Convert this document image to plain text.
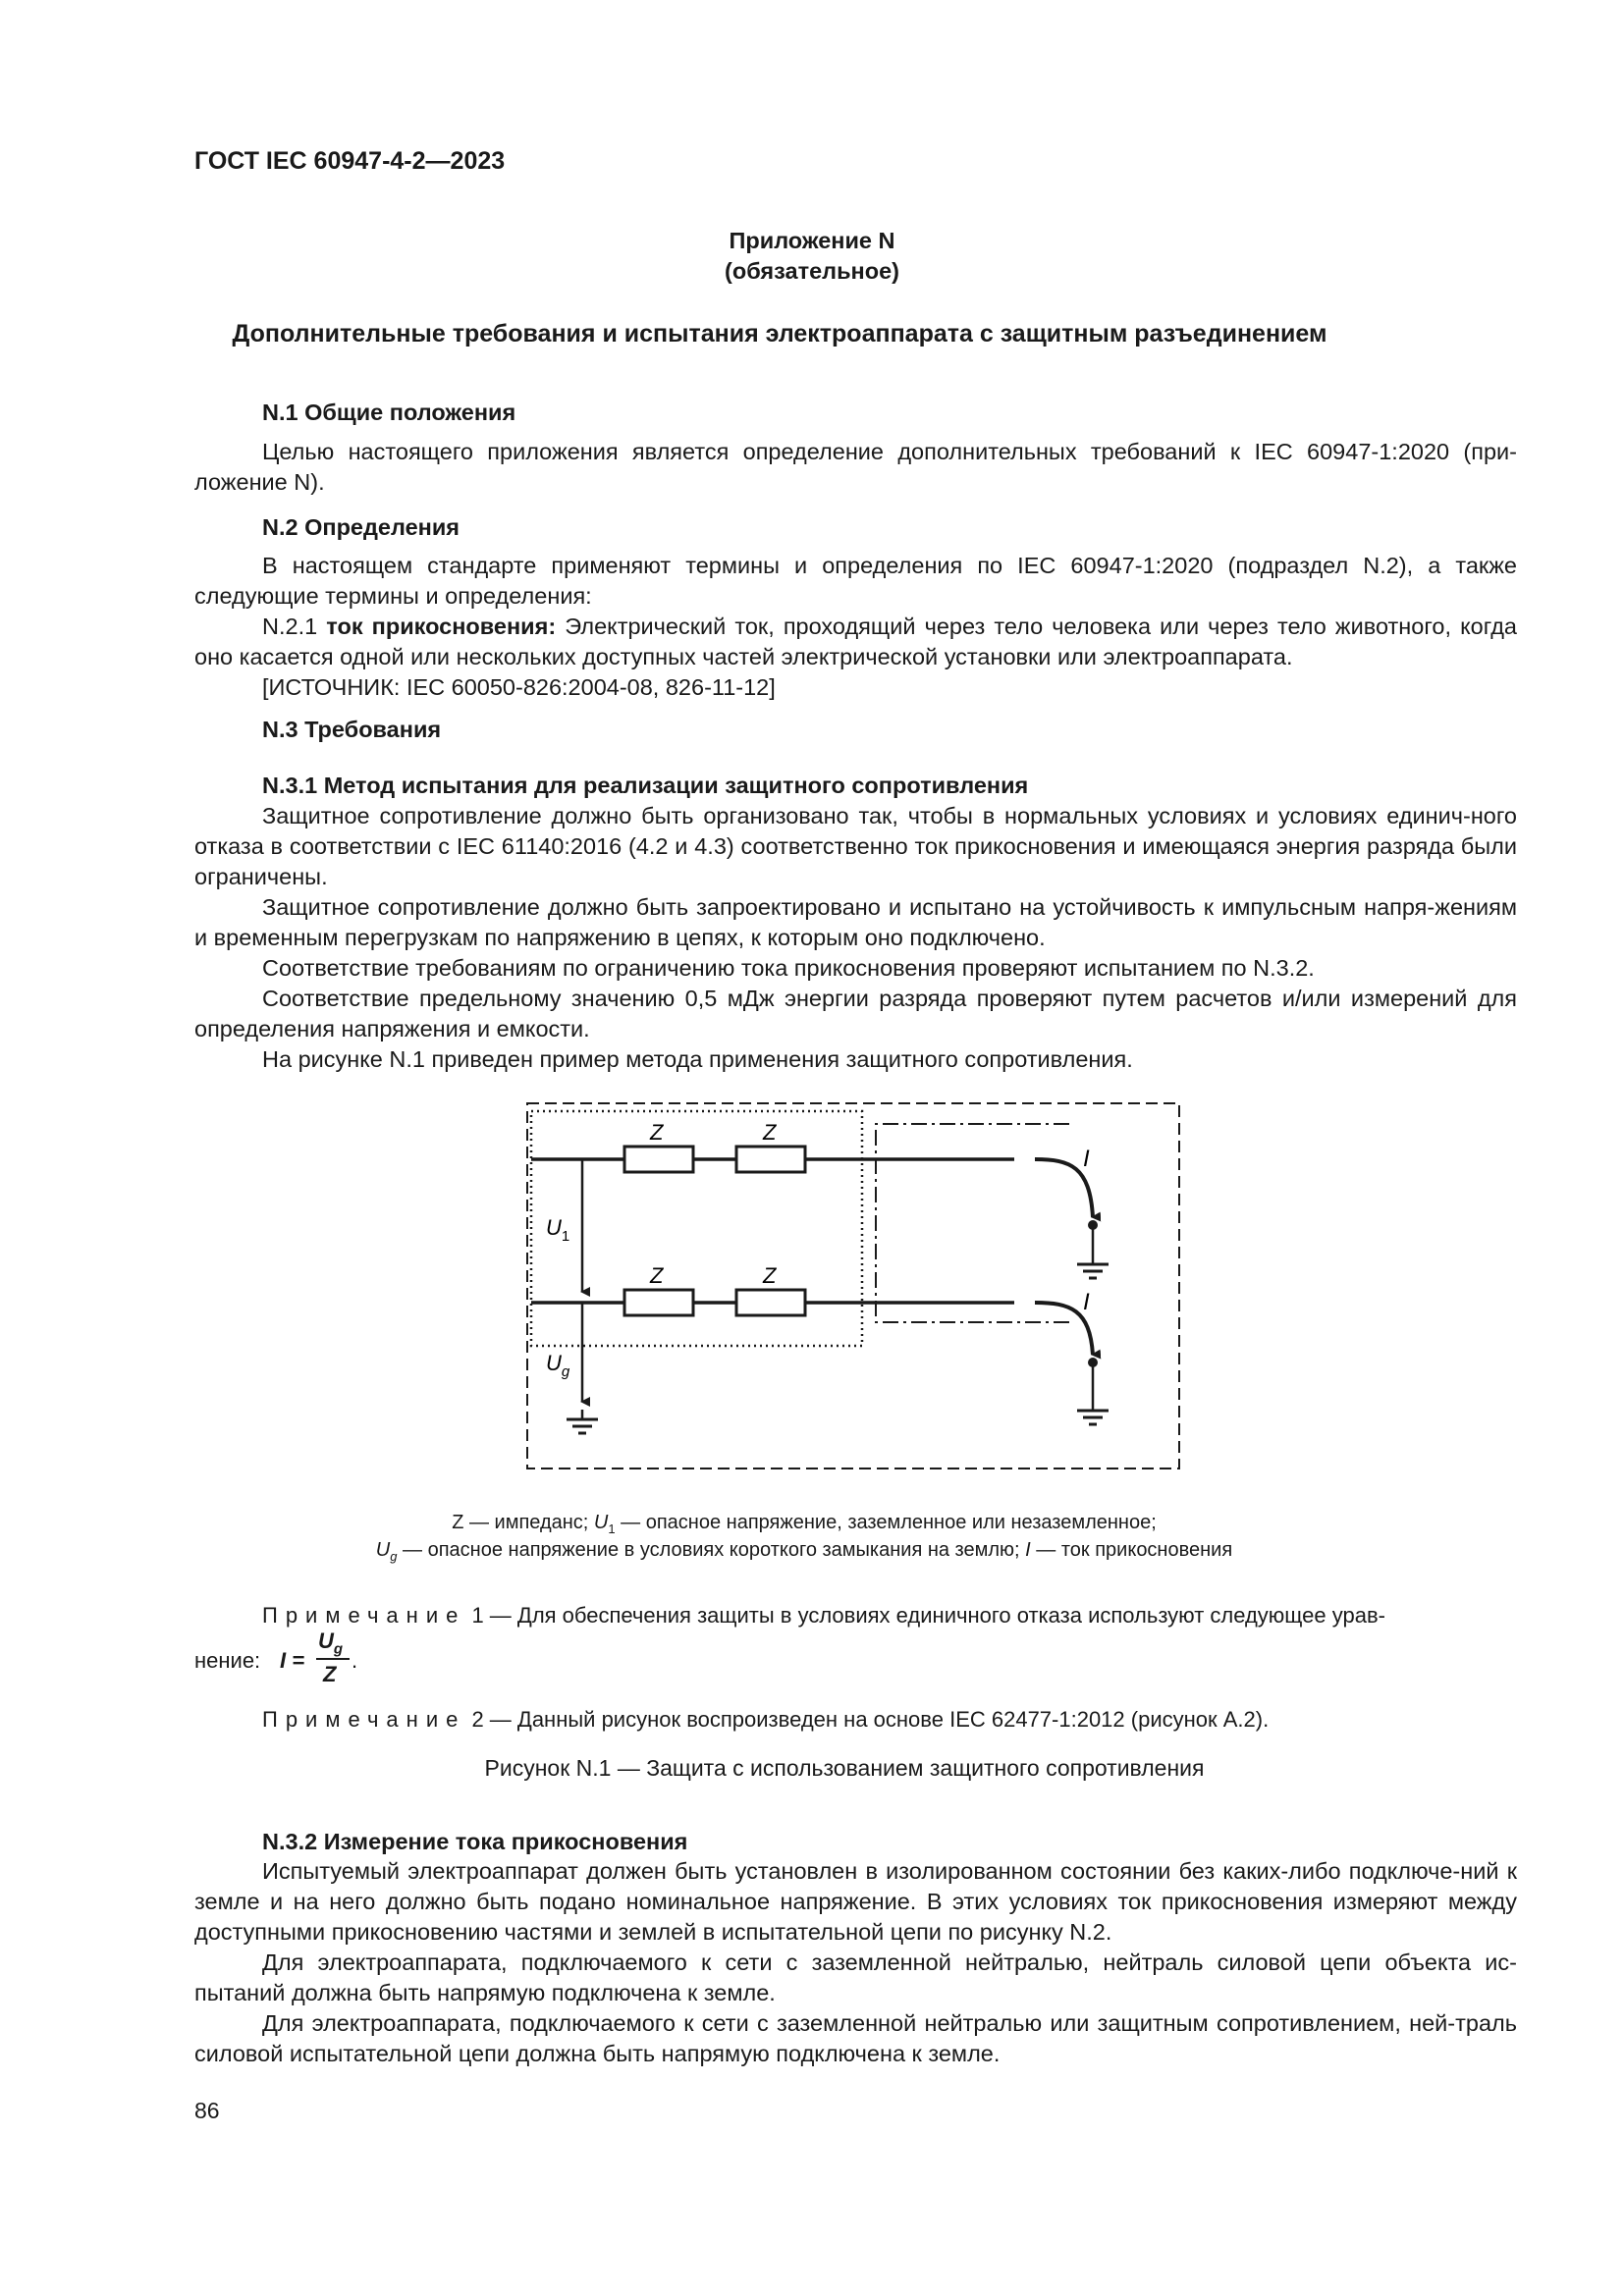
ГОСТ IEC 60947-4-2—2023
Приложение N
(обязательное)
Дополнительные требования и испытания электроаппарата с защитным разъединением
N.1 Общие положения
Целью настоящего приложения является определение дополнительных требований к IEC 60947-1:2020 (при-ложение N).
N.2 Определения
В настоящем стандарте применяют термины и определения по IEC 60947-1:2020 (подраздел N.2), а также следующие термины и определения:
N.2.1 ток прикосновения: Электрический ток, проходящий через тело человека или через тело животного, когда оно касается одной или нескольких доступных частей электрической установки или электроаппарата.
[ИСТОЧНИК: IEC 60050-826:2004-08, 826-11-12]
N.3 Требования
N.3.1 Метод испытания для реализации защитного сопротивления
Защитное сопротивление должно быть организовано так, чтобы в нормальных условиях и условиях единич-ного отказа в соответствии с IEC 61140:2016 (4.2 и 4.3) соответственно ток прикосновения и имеющаяся энергия разряда были ограничены.
Защитное сопротивление должно быть запроектировано и испытано на устойчивость к импульсным напря-жениям и временным перегрузкам по напряжению в цепях, к которым оно подключено.
Соответствие требованиям по ограничению тока прикосновения проверяют испытанием по N.3.2.
Соответствие предельному значению 0,5 мДж энергии разряда проверяют путем расчетов и/или измерений для определения напряжения и емкости.
На рисунке N.1 приведен пример метода применения защитного сопротивления.
Z	Z
Z	Z
$U_1$
$U_g$
I
I
Z — импеданс; $U_1$ — опасное напряжение, заземленное или незаземленное;
$U_g$ — опасное напряжение в условиях короткого замыкания на землю; I — ток прикосновения
Примечание 1 — Для обеспечения защиты в условиях единичного отказа используют следующее урав-
нение: I =
$U_g$
Z
.
Примечание 2 — Данный рисунок воспроизведен на основе IEC 62477-1:2012 (рисунок A.2).
Рисунок N.1 — Защита с использованием защитного сопротивления
N.3.2 Измерение тока прикосновения
Испытуемый электроаппарат должен быть установлен в изолированном состоянии без каких-либо подключе-ний к земле и на него должно быть подано номинальное напряжение. В этих условиях ток прикосновения измеряют между доступными прикосновению частями и землей в испытательной цепи по рисунку N.2.
Для электроаппарата, подключаемого к сети с заземленной нейтралью, нейтраль силовой цепи объекта ис-пытаний должна быть напрямую подключена к земле.
Для электроаппарата, подключаемого к сети с заземленной нейтралью или защитным сопротивлением, ней-траль силовой испытательной цепи должна быть напрямую подключена к земле.
86
